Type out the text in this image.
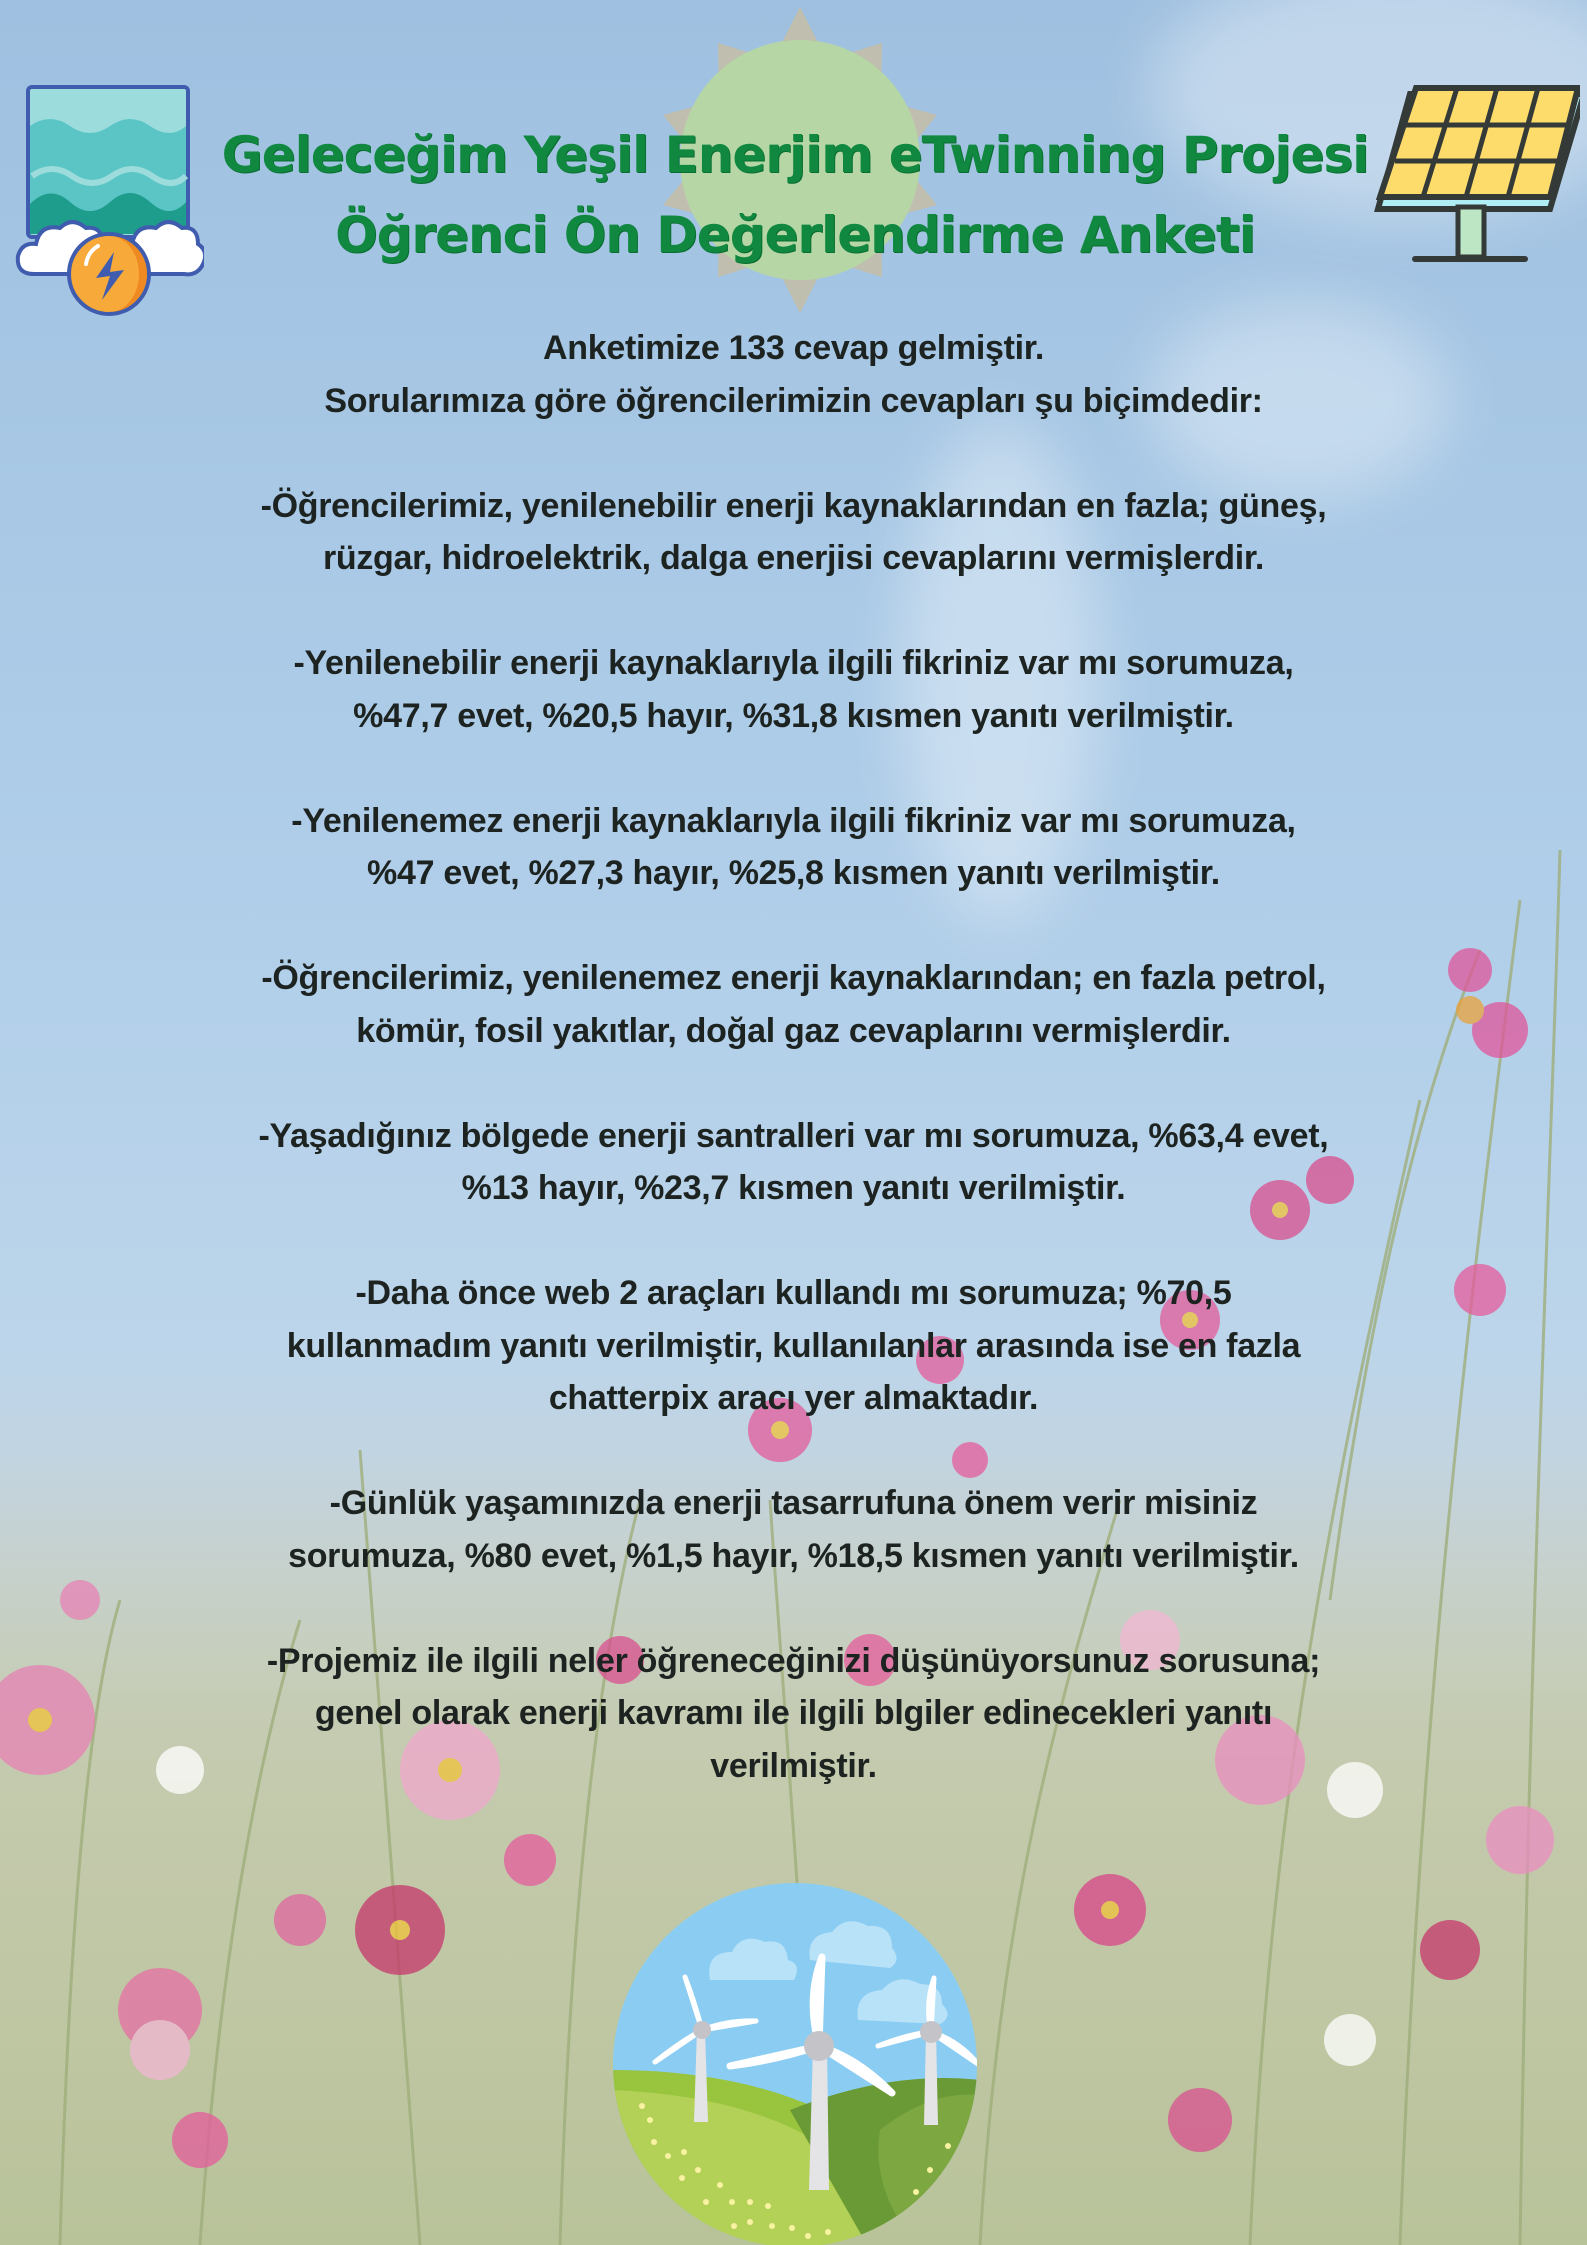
Geleceğim Yeşil Enerjim eTwinning Projesi
Öğrenci Ön Değerlendirme Anketi
Anketimize 133 cevap gelmiştir.
Sorularımıza göre öğrencilerimizin cevapları şu biçimdedir:
-Öğrencilerimiz, yenilenebilir enerji kaynaklarından en fazla; güneş,
rüzgar, hidroelektrik, dalga enerjisi cevaplarını vermişlerdir.
-Yenilenebilir enerji kaynaklarıyla ilgili fikriniz var mı sorumuza,
%47,7 evet, %20,5 hayır, %31,8 kısmen yanıtı verilmiştir.
-Yenilenemez enerji kaynaklarıyla ilgili fikriniz var mı sorumuza,
%47 evet, %27,3 hayır, %25,8 kısmen yanıtı verilmiştir.
-Öğrencilerimiz, yenilenemez enerji kaynaklarından; en fazla petrol,
kömür, fosil yakıtlar, doğal gaz cevaplarını vermişlerdir.
-Yaşadığınız bölgede enerji santralleri var mı sorumuza, %63,4 evet,
%13 hayır, %23,7 kısmen yanıtı verilmiştir.
-Daha önce web 2 araçları kullandı mı sorumuza; %70,5
kullanmadım yanıtı verilmiştir, kullanılanlar arasında ise en fazla
chatterpix aracı yer almaktadır.
-Günlük yaşamınızda enerji tasarrufuna önem verir misiniz
sorumuza, %80 evet, %1,5 hayır, %18,5 kısmen yanıtı verilmiştir.
-Projemiz ile ilgili neler öğreneceğinizi düşünüyorsunuz sorusuna;
genel olarak enerji kavramı ile ilgili blgiler edinecekleri yanıtı
verilmiştir.
